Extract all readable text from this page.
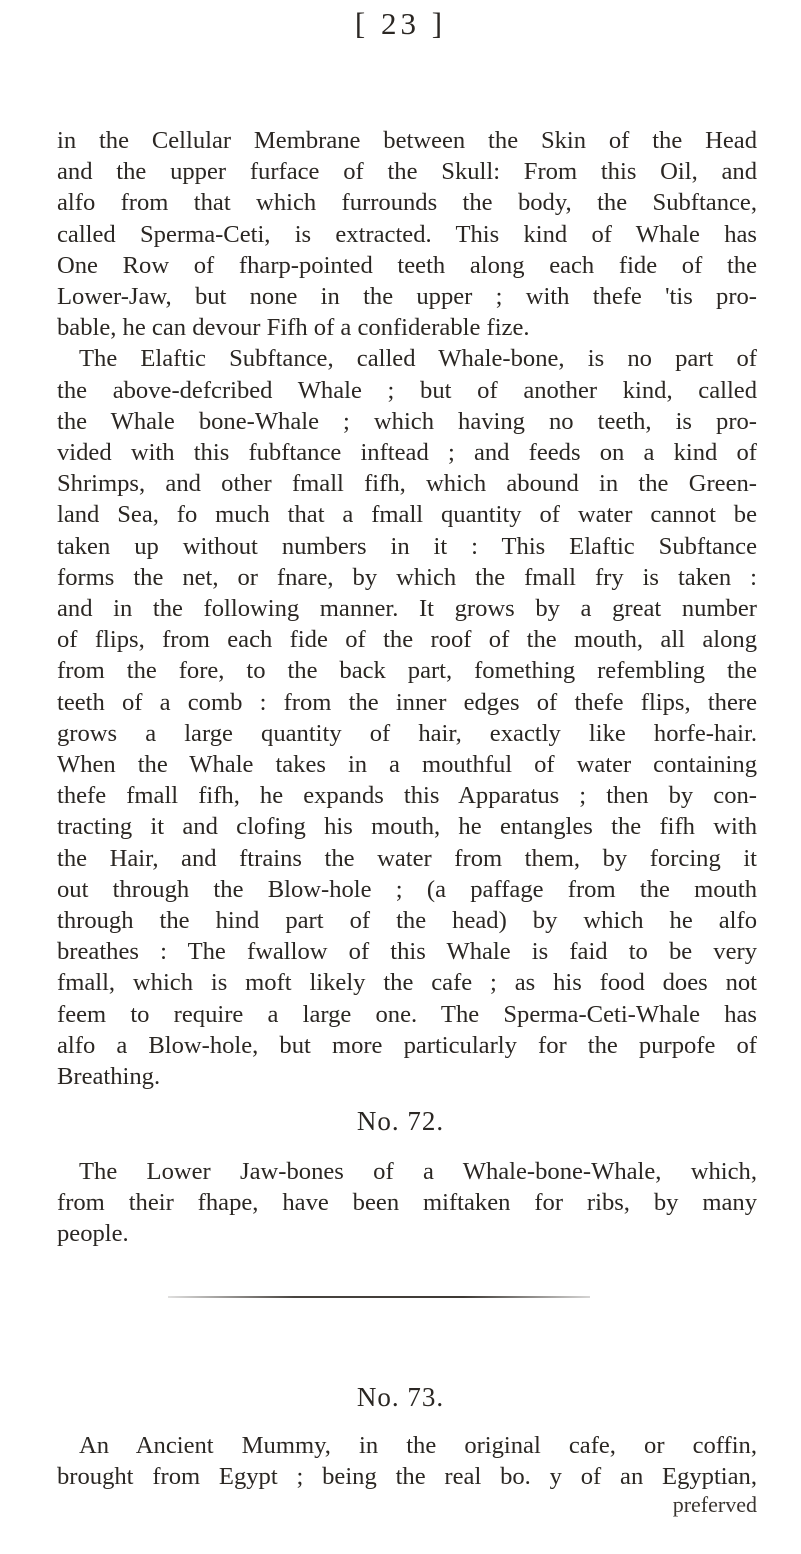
[ 23 ]
in the Cellular Membrane between the Skin of the Head
and the upper furface of the Skull: From this Oil, and
alfo from that which furrounds the body, the Subftance,
called Sperma-Ceti, is extracted. This kind of Whale has
One Row of fharp-pointed teeth along each fide of the
Lower-Jaw, but none in the upper ; with thefe 'tis pro-
bable, he can devour Fifh of a confiderable fize.
The Elaftic Subftance, called Whale-bone, is no part of
the above-defcribed Whale ; but of another kind, called
the Whale bone-Whale ; which having no teeth, is pro-
vided with this fubftance inftead ; and feeds on a kind of
Shrimps, and other fmall fifh, which abound in the Green-
land Sea, fo much that a fmall quantity of water cannot be
taken up without numbers in it : This Elaftic Subftance
forms the net, or fnare, by which the fmall fry is taken :
and in the following manner. It grows by a great number
of flips, from each fide of the roof of the mouth, all along
from the fore, to the back part, fomething refembling the
teeth of a comb : from the inner edges of thefe flips, there
grows a large quantity of hair, exactly like horfe-hair.
When the Whale takes in a mouthful of water containing
thefe fmall fifh, he expands this Apparatus ; then by con-
tracting it and clofing his mouth, he entangles the fifh with
the Hair, and ftrains the water from them, by forcing it
out through the Blow-hole ; (a paffage from the mouth
through the hind part of the head) by which he alfo
breathes : The fwallow of this Whale is faid to be very
fmall, which is moft likely the cafe ; as his food does not
feem to require a large one. The Sperma-Ceti-Whale has
alfo a Blow-hole, but more particularly for the purpofe of
Breathing.
No. 72.
The Lower Jaw-bones of a Whale-bone-Whale, which,
from their fhape, have been miftaken for ribs, by many
people.
No. 73.
An Ancient Mummy, in the original cafe, or coffin,
brought from Egypt ; being the real bo. y of an Egyptian,
preferved
